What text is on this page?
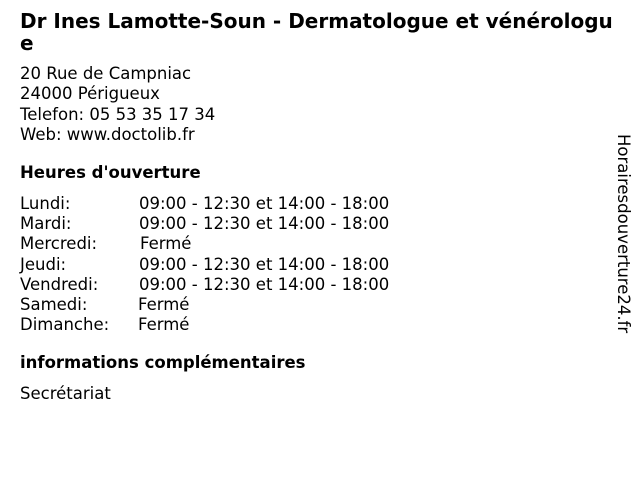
Dr Ines Lamotte-Soun - Dermatologue et vénérologue
20 Rue de Campniac
24000 Périgueux
Telefon: 05 53 35 17 34
Web: www.doctolib.fr
Heures d'ouverture
Lundi:	09:00 - 12:30 et 14:00 - 18:00
Mardi:	09:00 - 12:30 et 14:00 - 18:00
Mercredi:	Fermé
Jeudi:	09:00 - 12:30 et 14:00 - 18:00
Vendredi: 09:00 - 12:30 et 14:00 - 18:00
Samedi:	Fermé
Dimanche: Fermé
informations complémentaires
Secrétariat
Horairesdouverture24.fr
